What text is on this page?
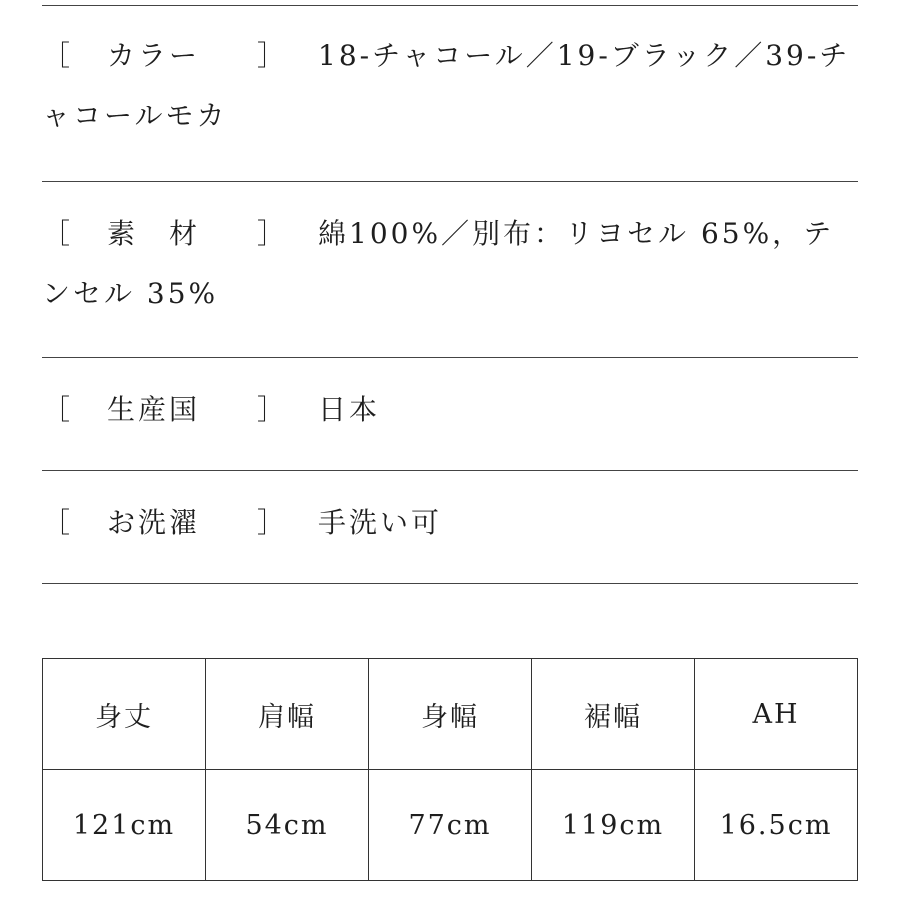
［ カラー ］ 18-チャコール／19-ブラック／39-チャコールモカ
［ 素　材 ］ 綿100%／別布：リヨセル 65%，テンセル 35%
［ 生産国 ］ 日本
［ お洗濯 ］ 手洗い可
身丈	肩幅	身幅	裾幅	AH
121cm	54cm	77cm	119cm	16.5cm
